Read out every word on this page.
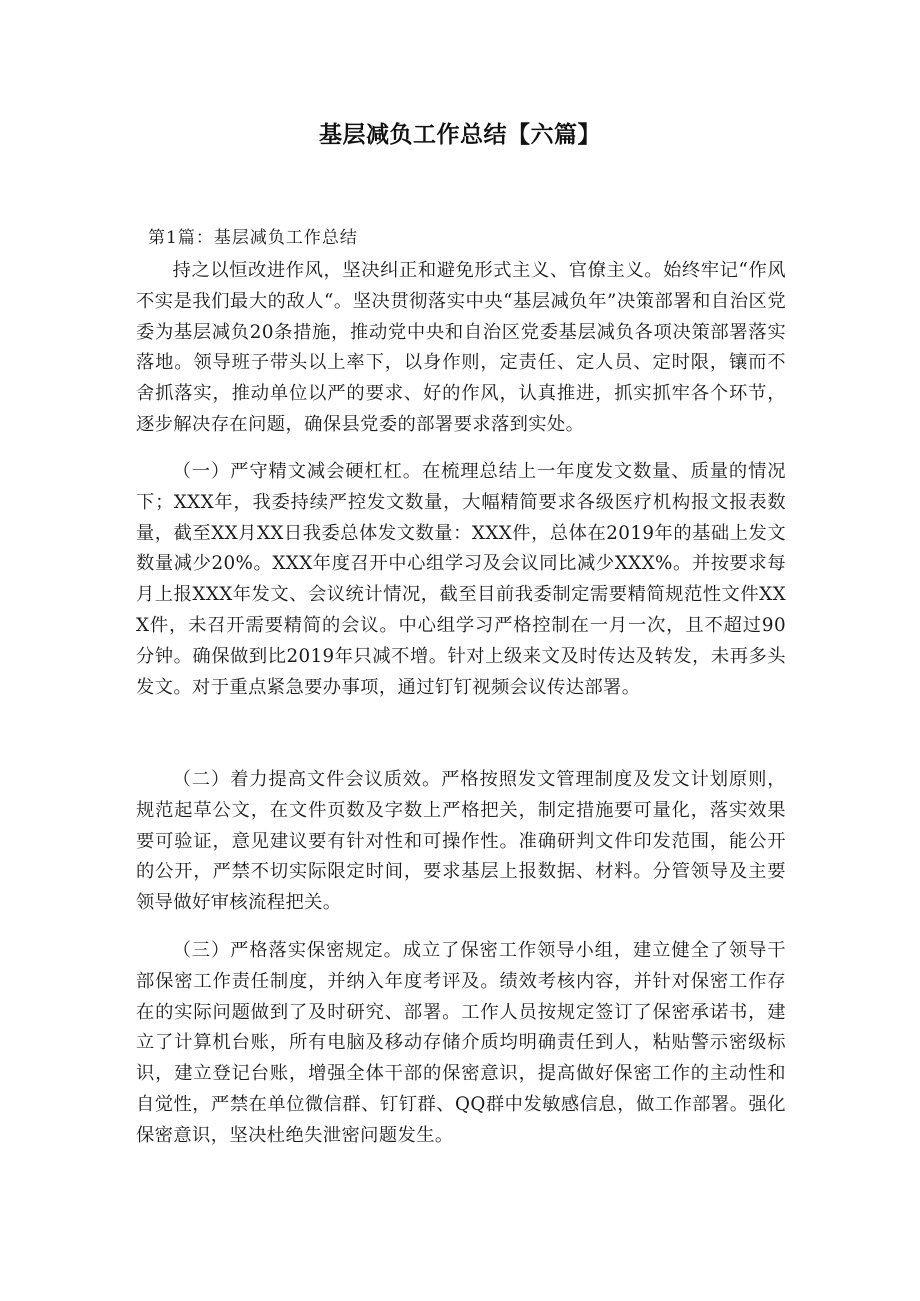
基层减负工作总结【六篇】

第1篇：基层减负工作总结

持之以恒改进作风，坚决纠正和避免形式主义、官僚主义。始终牢记“作风不实是我们最大的敌人“。坚决贯彻落实中央“基层减负年”决策部署和自治区党委为基层减负20条措施，推动党中央和自治区党委基层减负各项决策部署落实落地。领导班子带头以上率下，以身作则，定责任、定人员、定时限，镶而不舍抓落实，推动单位以严的要求、好的作风，认真推进，抓实抓牢各个环节，逐步解决存在问题，确保县党委的部署要求落到实处。

（一）严守精文减会硬杠杠。在梳理总结上一年度发文数量、质量的情况下；XXX年，我委持续严控发文数量，大幅精简要求各级医疗机构报文报表数量，截至XX月XX日我委总体发文数量：XXX件，总体在2019年的基础上发文数量减少20%。XXX年度召开中心组学习及会议同比减少XXX%。并按要求每月上报XXX年发文、会议统计情况，截至目前我委制定需要精简规范性文件XXX件，未召开需要精简的会议。中心组学习严格控制在一月一次，且不超过90分钟。确保做到比2019年只减不增。针对上级来文及时传达及转发，未再多头发文。对于重点紧急要办事项，通过钉钉视频会议传达部署。

（二）着力提高文件会议质效。严格按照发文管理制度及发文计划原则，规范起草公文，在文件页数及字数上严格把关，制定措施要可量化，落实效果要可验证，意见建议要有针对性和可操作性。准确研判文件印发范围，能公开的公开，严禁不切实际限定时间，要求基层上报数据、材料。分管领导及主要领导做好审核流程把关。

（三）严格落实保密规定。成立了保密工作领导小组，建立健全了领导干部保密工作责任制度，并纳入年度考评及。绩效考核内容，并针对保密工作存在的实际问题做到了及时研究、部署。工作人员按规定签订了保密承诺书，建立了计算机台账，所有电脑及移动存储介质均明确责任到人，粘贴警示密级标识，建立登记台账，增强全体干部的保密意识，提高做好保密工作的主动性和自觉性，严禁在单位微信群、钉钉群、QQ群中发敏感信息，做工作部署。强化保密意识，坚决杜绝失泄密问题发生。
